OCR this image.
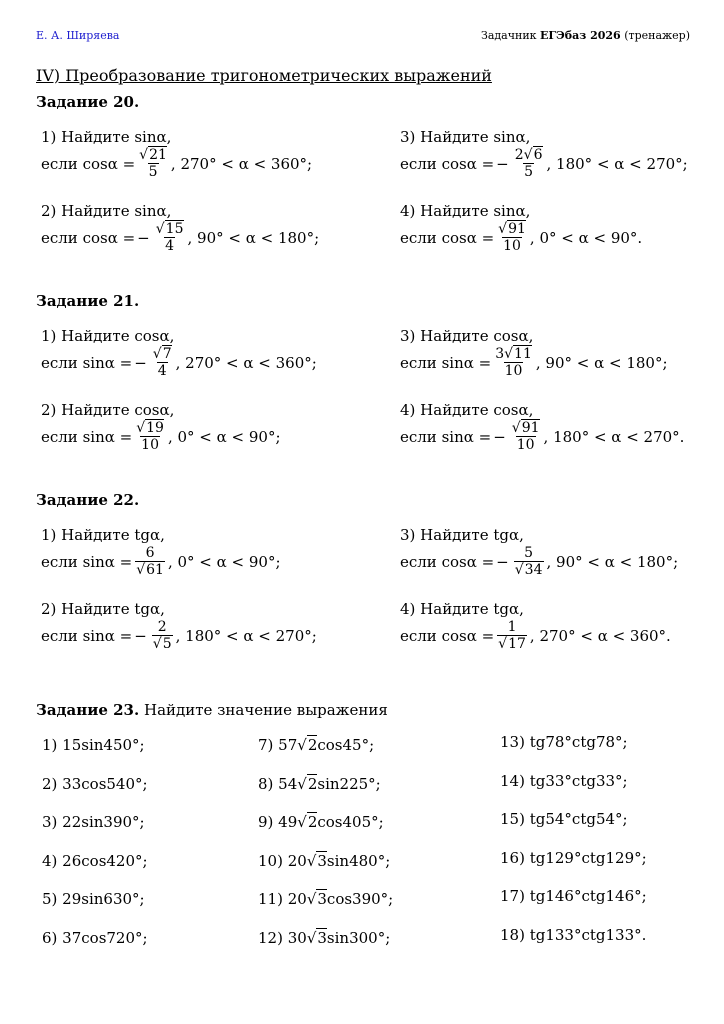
Е. А. Ширяева	Задачник ЕГЭбаз 2026 (тренажер)
IV) Преобразование тригонометрических выражений
Задание 20.
1) Найдите sinα,
если $\cos\alpha = \frac{√21}{5}$ , 270° < α < 360°;
2) Найдите sinα,
если cosα = − $\frac{√15}{4}$ , 90° < α < 180°;
3) Найдите sinα,
если cosα = − $\frac{2√6}{5}$ , 180° < α < 270°;
4) Найдите sinα,
если $\cos\alpha = \frac{√91}{10}$ , 0° < α < 90°.
Задание 21.
1) Найдите cosα,
если sinα = − $\frac{√7}{4}$ , 270° < α < 360°;
2) Найдите cosα,
если $\sin\alpha = \frac{√19}{10}$ , 0° < α < 90°;
3) Найдите cosα,
если $\sin\alpha = \frac{3√11}{10}$ , 90° < α < 180°;
4) Найдите cosα,
если sinα = − $\frac{√91}{10}$ , 180° < α < 270°.
Задание 22.
1) Найдите tgα,
если $\sin\alpha = \frac{6}{√61}$ , 0° < α < 90°;
2) Найдите tgα,
если sinα = − $\frac{2}{√5}$ , 180° < α < 270°;
3) Найдите tgα,
если cosα = − $\frac{5}{√34}$ , 90° < α < 180°;
4) Найдите tgα,
если $\cos\alpha = \frac{1}{√17}$ , 270° < α < 360°.
Задание 23. Найдите значение выражения
1) 15sin450°;
2) 33cos540°;
3) 22sin390°;
4) 26cos420°;
5) 29sin630°;
6) 37cos720°;
7) 57√2cos45°;
8) 54√2sin225°;
9) 49√2cos405°;
10) 20√3sin480°;
11) 20√3cos390°;
12) 30√3sin300°;
13) tg78°ctg78°;
14) tg33°ctg33°;
15) tg54°ctg54°;
16) tg129°ctg129°;
17) tg146°ctg146°;
18) tg133°ctg133°.
